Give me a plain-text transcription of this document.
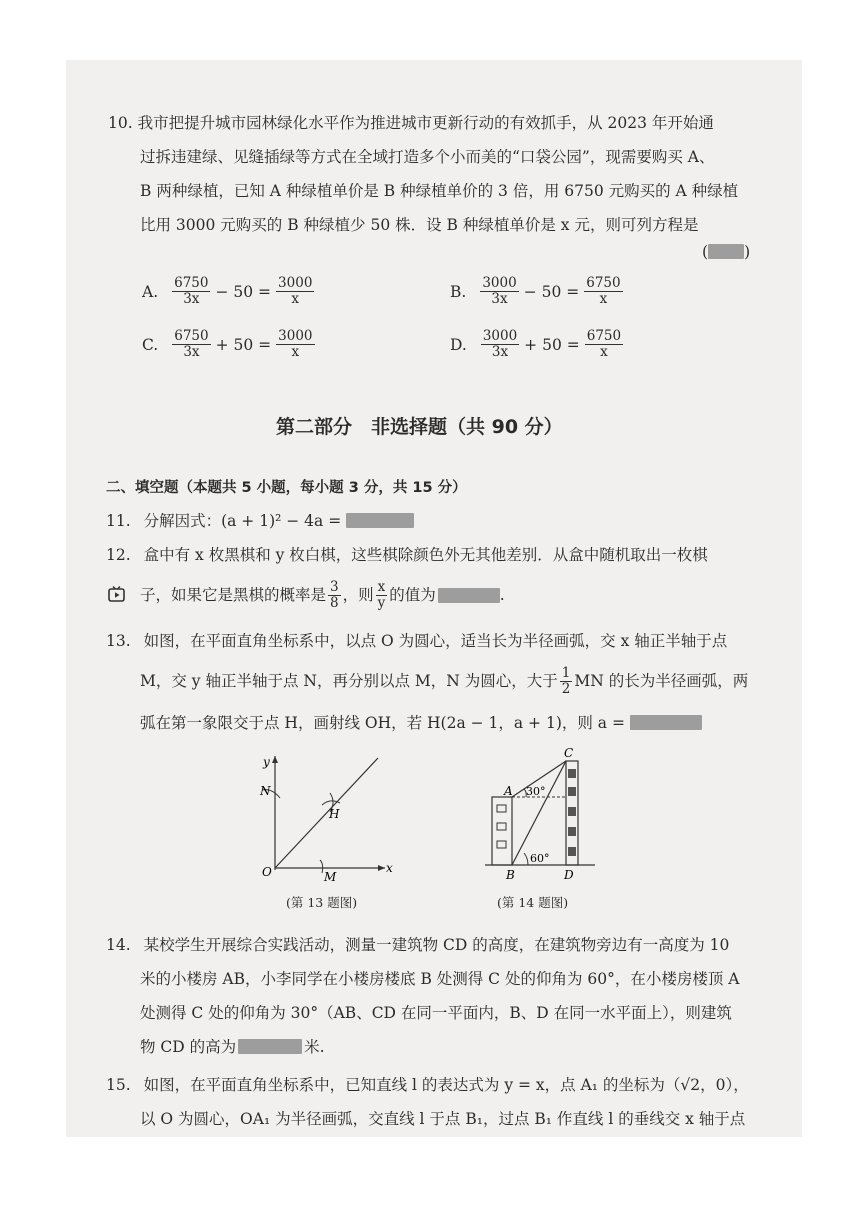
10. 我市把提升城市园林绿化水平作为推进城市更新行动的有效抓手，从 2023 年开始通
过拆违建绿、见缝插绿等方式在全域打造多个小而美的“口袋公园”，现需要购买 A、
B 两种绿植，已知 A 种绿植单价是 B 种绿植单价的 3 倍，用 6750 元购买的 A 种绿植
比用 3000 元购买的 B 种绿植少 50 株．设 B 种绿植单价是 x 元，则可列方程是
( )
A. $\frac{6750}{3x} - 50 = \frac{3000}{x}$	B. $\frac{3000}{3x} - 50 = \frac{6750}{x}$
C. $\frac{6750}{3x} + 50 = \frac{3000}{x}$	D. $\frac{3000}{3x} + 50 = \frac{6750}{x}$
第二部分　非选择题（共 90 分）
二、填空题（本题共 5 小题，每小题 3 分，共 15 分）
11. 分解因式：(a + 1)² − 4a =
12. 盒中有 x 枚黑棋和 y 枚白棋，这些棋除颜色外无其他差别．从盒中随机取出一枚棋
子，如果它是黑棋的概率是 $\frac{3}{8}$ ，则 $\frac{x}{y}$ 的值为	.
13. 如图，在平面直角坐标系中，以点 O 为圆心，适当长为半径画弧，交 x 轴正半轴于点
M，交 y 轴正半轴于点 N，再分别以点 M，N 为圆心，大于 $\frac{1}{2}$ MN 的长为半径画弧，两
弧在第一象限交于点 H，画射线 OH，若 H(2a − 1，a + 1)，则 a =
y
x
O
N
M
H
(第 13 题图)
A
B
C
D
30°
60°
(第 14 题图)
14. 某校学生开展综合实践活动，测量一建筑物 CD 的高度，在建筑物旁边有一高度为 10
米的小楼房 AB，小李同学在小楼房楼底 B 处测得 C 处的仰角为 60°，在小楼房楼顶 A
处测得 C 处的仰角为 30°（AB、CD 在同一平面内，B、D 在同一水平面上），则建筑
物 CD 的高为	米.
15. 如图，在平面直角坐标系中，已知直线 l 的表达式为 y = x，点 A₁ 的坐标为（√2，0），
以 O 为圆心，OA₁ 为半径画弧，交直线 l 于点 B₁，过点 B₁ 作直线 l 的垂线交 x 轴于点
